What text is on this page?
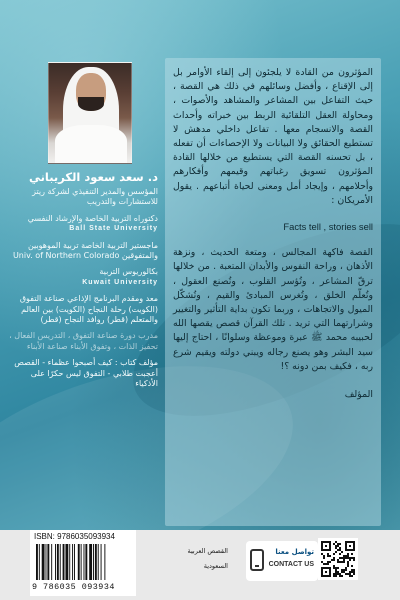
د. سعد سعود الكريباني
المؤسس والمدير التنفيذي لشركة ريتز للاستشارات والتدريب
دكتوراه التربية الخاصة والإرشاد النفسي
Ball State University
ماجستير التربية الخاصة تربية الموهوبين والمتفوقين Univ. of Northern Colorado
بكالوريوس التربية
Kuwait University
معد ومقدم البرنامج الإذاعي صناعة التفوق (الكويت) رحلة النجاح (الكويت) بين العالم والمتعلم (قطر) روافد النجاح (قطر)
مدرب دورة صناعة التفوق ، التدريس الفعال ، تحفيز الذات ، وتفوق الأبناء صناعة الأبناء
مؤلف كتاب : كيف أصبحوا عظماء - القصص أعجبت طلابي - التفوق ليس حكرًا على الأذكياء

المؤثرون من القادة لا يلجئون إلى إلقاء الأوامر بل إلى الإقناع ، وأفضل وسائلهم في ذلك هي القصة ، حيث التفاعل بين المشاعر والمشاهد والأصوات ، ومحاولة العقل التلقائية الربط بين خبراته وأحداث القصة والانسجام معها . تفاعل داخلي مدهش لا تستطيع الحقائق ولا البيانات ولا الإحصاءات أن تفعله ، بل تحسنه القصة التي يستطيع من خلالها القادة المؤثرون تسويق رغباتهم وقيمهم وأفكارهم وأحلامهم ، وإيجاد أمل ومعنى لحياة أتباعهم . يقول الأمريكان :

Facts tell , stories sell

القصة فاكهة المجالس ، ومتعة الحديث ، ونزهة الأذهان ، وراحة النفوس والأبدان المتعبة . من خلالها ترقّ المشاعر ، وتُؤسر القلوب ، وتُصنع العقول ، وتُعلّم الخلق ، وتُغرس المبادئ والقيم ، وتُشكّل الميول والاتجاهات ، وربما تكون بداية التأثير والتغيير وشرارتهما التي تريد . تلك القرآن قصص يقصها الله لحبيبه محمد ﷺ عبرة وموعظة وسلوانًا ، احتاج إليها سيد البشر وهو يصنع رجاله ويبني دولته ويقيم شرع ربه ، فكيف بمن دونه ؟!

المؤلف
ISBN: 9786035093934
9 786035 093934
القصص العربية
السعودية
تواصل معنا
CONTACT US
